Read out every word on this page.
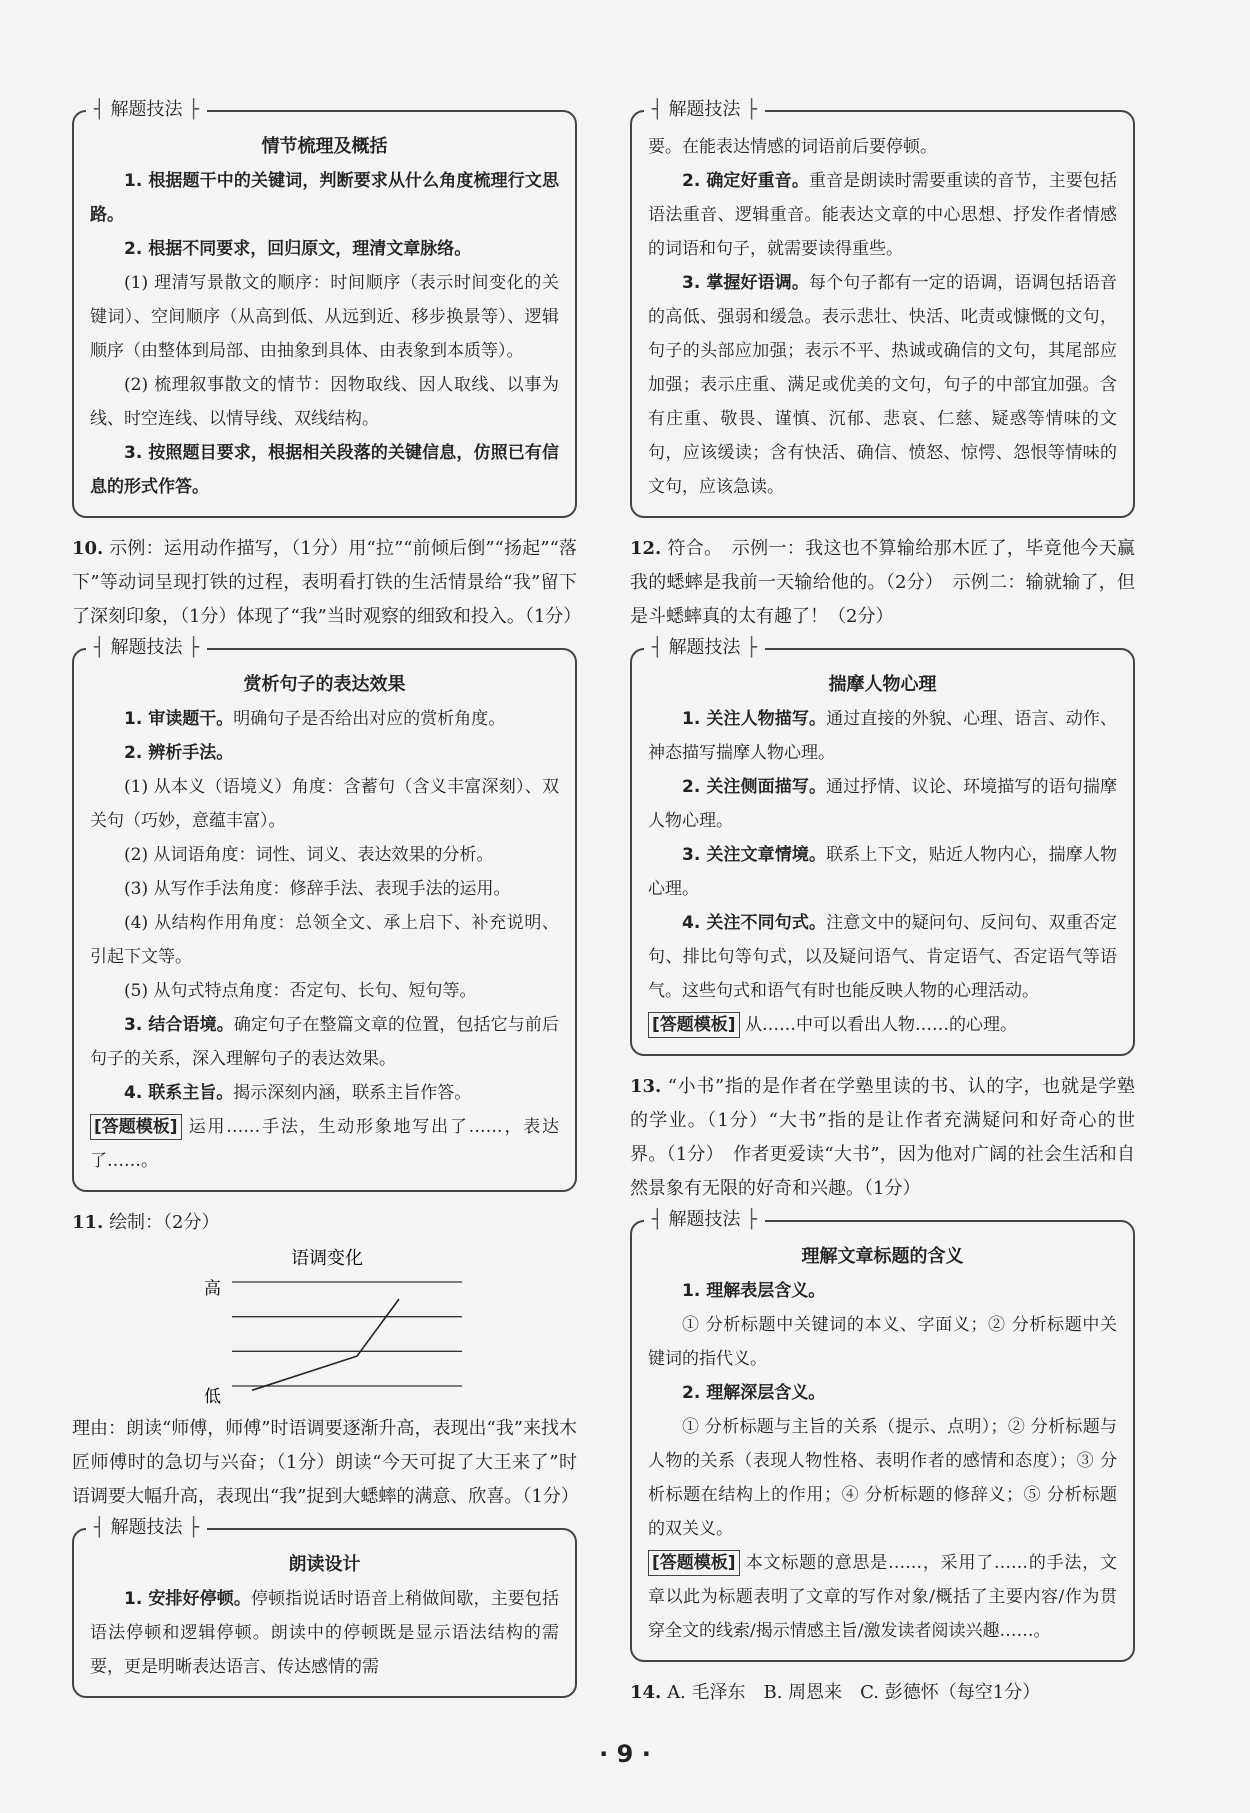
┤ 解题技法 ├
情节梳理及概括

1. 根据题干中的关键词，判断要求从什么角度梳理行文思路。

2. 根据不同要求，回归原文，理清文章脉络。

(1) 理清写景散文的顺序：时间顺序（表示时间变化的关键词）、空间顺序（从高到低、从远到近、移步换景等）、逻辑顺序（由整体到局部、由抽象到具体、由表象到本质等）。

(2) 梳理叙事散文的情节：因物取线、因人取线、以事为线、时空连线、以情导线、双线结构。

3. 按照题目要求，根据相关段落的关键信息，仿照已有信息的形式作答。

10. 示例：运用动作描写，（1分）用“拉”“前倾后倒”“扬起”“落下”等动词呈现打铁的过程，表明看打铁的生活情景给“我”留下了深刻印象，（1分）体现了“我”当时观察的细致和投入。（1分）

┤ 解题技法 ├
赏析句子的表达效果

1. 审读题干。明确句子是否给出对应的赏析角度。

2. 辨析手法。

(1) 从本义（语境义）角度：含蓄句（含义丰富深刻）、双关句（巧妙，意蕴丰富）。

(2) 从词语角度：词性、词义、表达效果的分析。

(3) 从写作手法角度：修辞手法、表现手法的运用。

(4) 从结构作用角度：总领全文、承上启下、补充说明、引起下文等。

(5) 从句式特点角度：否定句、长句、短句等。

3. 结合语境。确定句子在整篇文章的位置，包括它与前后句子的关系，深入理解句子的表达效果。

4. 联系主旨。揭示深刻内涵，联系主旨作答。

[答题模板] 运用……手法，生动形象地写出了……，表达了……。

11. 绘制：（2分）

语调变化
高
低

理由：朗读“师傅，师傅”时语调要逐渐升高，表现出“我”来找木匠师傅时的急切与兴奋；（1分）朗读“今天可捉了大王来了”时语调要大幅升高，表现出“我”捉到大蟋蟀的满意、欣喜。（1分）

┤ 解题技法 ├
朗读设计

1. 安排好停顿。停顿指说话时语音上稍做间歇，主要包括语法停顿和逻辑停顿。朗读中的停顿既是显示语法结构的需要，更是明晰表达语言、传达感情的需

┤ 解题技法 ├

要。在能表达情感的词语前后要停顿。

2. 确定好重音。重音是朗读时需要重读的音节，主要包括语法重音、逻辑重音。能表达文章的中心思想、抒发作者情感的词语和句子，就需要读得重些。

3. 掌握好语调。每个句子都有一定的语调，语调包括语音的高低、强弱和缓急。表示悲壮、快活、叱责或慷慨的文句，句子的头部应加强；表示不平、热诚或确信的文句，其尾部应加强；表示庄重、满足或优美的文句，句子的中部宜加强。含有庄重、敬畏、谨慎、沉郁、悲哀、仁慈、疑惑等情味的文句，应该缓读；含有快活、确信、愤怒、惊愕、怨恨等情味的文句，应该急读。

12. 符合。　示例一：我这也不算输给那木匠了，毕竟他今天赢我的蟋蟀是我前一天输给他的。（2分）　示例二：输就输了，但是斗蟋蟀真的太有趣了！（2分）

┤ 解题技法 ├
揣摩人物心理

1. 关注人物描写。通过直接的外貌、心理、语言、动作、神态描写揣摩人物心理。

2. 关注侧面描写。通过抒情、议论、环境描写的语句揣摩人物心理。

3. 关注文章情境。联系上下文，贴近人物内心，揣摩人物心理。

4. 关注不同句式。注意文中的疑问句、反问句、双重否定句、排比句等句式，以及疑问语气、肯定语气、否定语气等语气。这些句式和语气有时也能反映人物的心理活动。

[答题模板] 从……中可以看出人物……的心理。

13. “小书”指的是作者在学塾里读的书、认的字，也就是学塾的学业。（1分）“大书”指的是让作者充满疑问和好奇心的世界。（1分）　作者更爱读“大书”，因为他对广阔的社会生活和自然景象有无限的好奇和兴趣。（1分）

┤ 解题技法 ├
理解文章标题的含义

1. 理解表层含义。

① 分析标题中关键词的本义、字面义；② 分析标题中关键词的指代义。

2. 理解深层含义。

① 分析标题与主旨的关系（提示、点明）；② 分析标题与人物的关系（表现人物性格、表明作者的感情和态度）；③ 分析标题在结构上的作用；④ 分析标题的修辞义；⑤ 分析标题的双关义。

[答题模板] 本文标题的意思是……，采用了……的手法，文章以此为标题表明了文章的写作对象/概括了主要内容/作为贯穿全文的线索/揭示情感主旨/激发读者阅读兴趣……。

14. A. 毛泽东　B. 周恩来　C. 彭德怀（每空1分）

· 9 ·
